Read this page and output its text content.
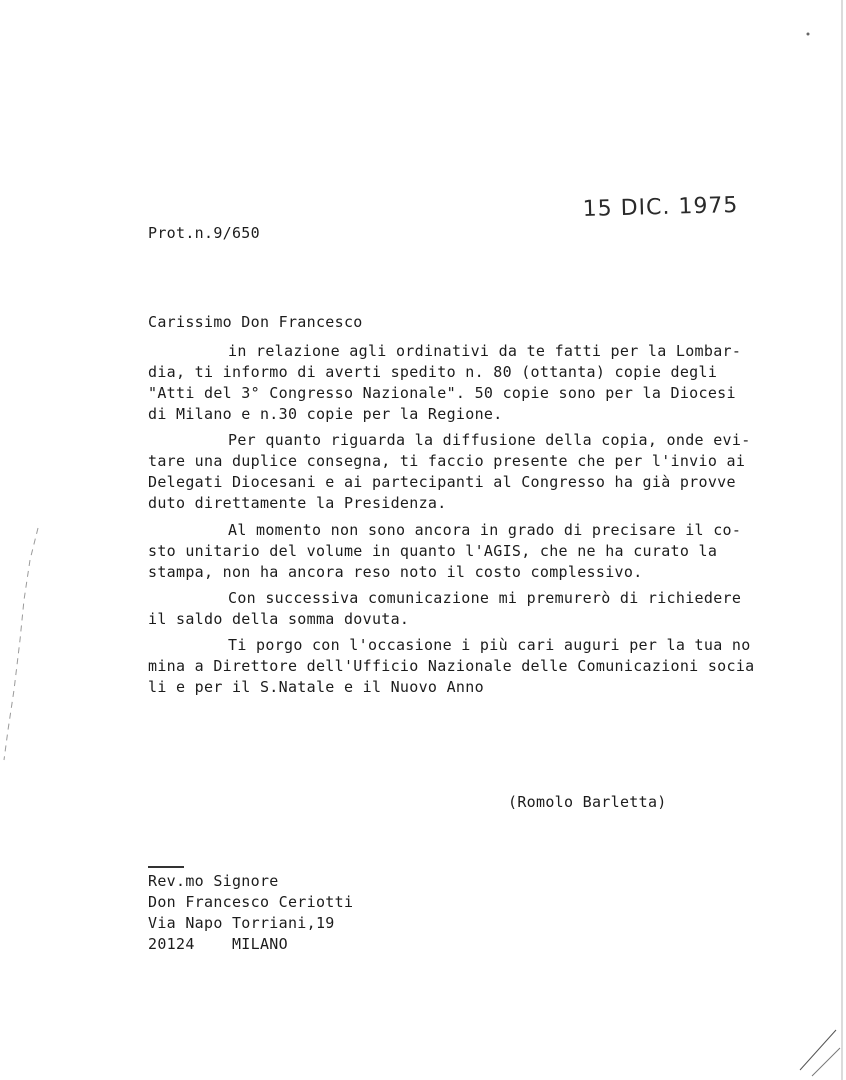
15 DIC. 1975
Prot.n.9/650
Carissimo Don Francesco
in relazione agli ordinativi da te fatti per la Lombar-
dia, ti informo di averti spedito n. 80 (ottanta) copie degli
"Atti del 3° Congresso Nazionale". 50 copie sono per la Diocesi
di Milano e n.30 copie per la Regione.
Per quanto riguarda la diffusione della copia, onde evi-
tare una duplice consegna, ti faccio presente che per l'invio ai
Delegati Diocesani e ai partecipanti al Congresso ha già provve
duto direttamente la Presidenza.
Al momento non sono ancora in grado di precisare il co-
sto unitario del volume in quanto l'AGIS, che ne ha curato la
stampa, non ha ancora reso noto il costo complessivo.
Con successiva comunicazione mi premurerò di richiedere
il saldo della somma dovuta.
Ti porgo con l'occasione i più cari auguri per la tua no
mina a Direttore dell'Ufficio Nazionale delle Comunicazioni socia
li e per il S.Natale e il Nuovo Anno
(Romolo Barletta)
Rev.mo Signore
Don Francesco Ceriotti
Via Napo Torriani,19
20124    MILANO
